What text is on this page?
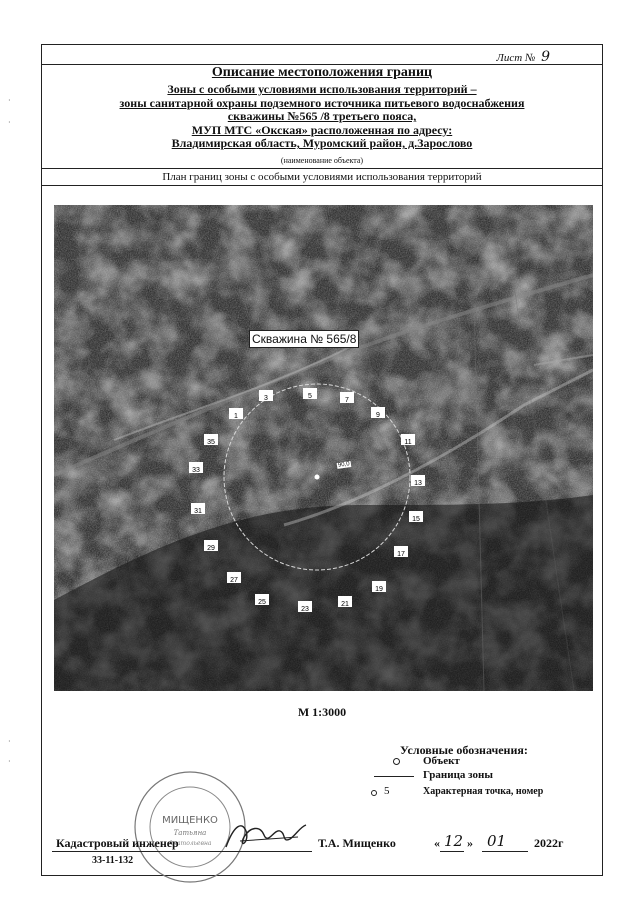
·
·
·
·
Лист № 9
Описание местоположения границ
Зоны с особыми условиями использования территорий –
зоны санитарной охраны подземного источника питьевого водоснабжения
скважины №565 /8 третьего пояса,
МУП МТС «Окская» расположенная по адресу:
Владимирская область, Муромский район, д.Зарослово
(наименование объекта)
План границ зоны с особыми условиями использования территорий
Скважина № 565/8
90,0
1
3	5
7
9
11
13
15
17
19
21
23
25
27
29
31
33
35
М 1:3000
Условные обозначения:
Объект
Граница зоны
5	Характерная точка, номер
МИЩЕНКО
Татьяна
Анатольевна
Кадастровый инженер
33-11-132
Т.А. Мищенко	« 12 » 01 2022г
